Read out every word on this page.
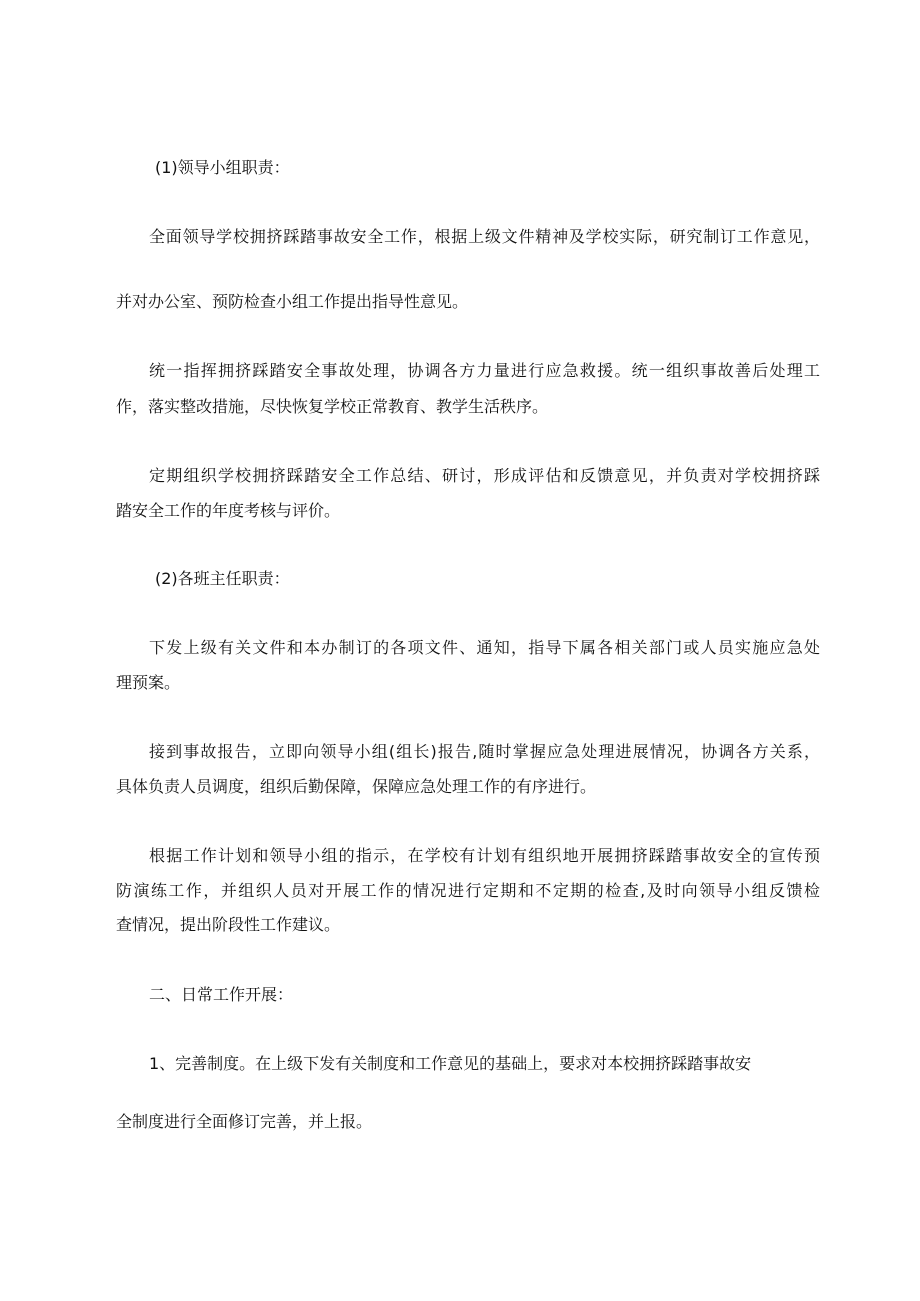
(1)领导小组职责：
全面领导学校拥挤踩踏事故安全工作，根据上级文件精神及学校实际，研究制订工作意见，
并对办公室、预防检查小组工作提出指导性意见。
统一指挥拥挤踩踏安全事故处理，协调各方力量进行应急救援。统一组织事故善后处理工
作，落实整改措施，尽快恢复学校正常教育、教学生活秩序。
定期组织学校拥挤踩踏安全工作总结、研讨，形成评估和反馈意见，并负责对学校拥挤踩
踏安全工作的年度考核与评价。
(2)各班主任职责：
下发上级有关文件和本办制订的各项文件、通知，指导下属各相关部门或人员实施应急处
理预案。
接到事故报告，立即向领导小组(组长)报告,随时掌握应急处理进展情况，协调各方关系，
具体负责人员调度，组织后勤保障，保障应急处理工作的有序进行。
根据工作计划和领导小组的指示，在学校有计划有组织地开展拥挤踩踏事故安全的宣传预
防演练工作，并组织人员对开展工作的情况进行定期和不定期的检查,及时向领导小组反馈检
查情况，提出阶段性工作建议。
二、日常工作开展：
1、完善制度。在上级下发有关制度和工作意见的基础上，要求对本校拥挤踩踏事故安
全制度进行全面修订完善，并上报。
